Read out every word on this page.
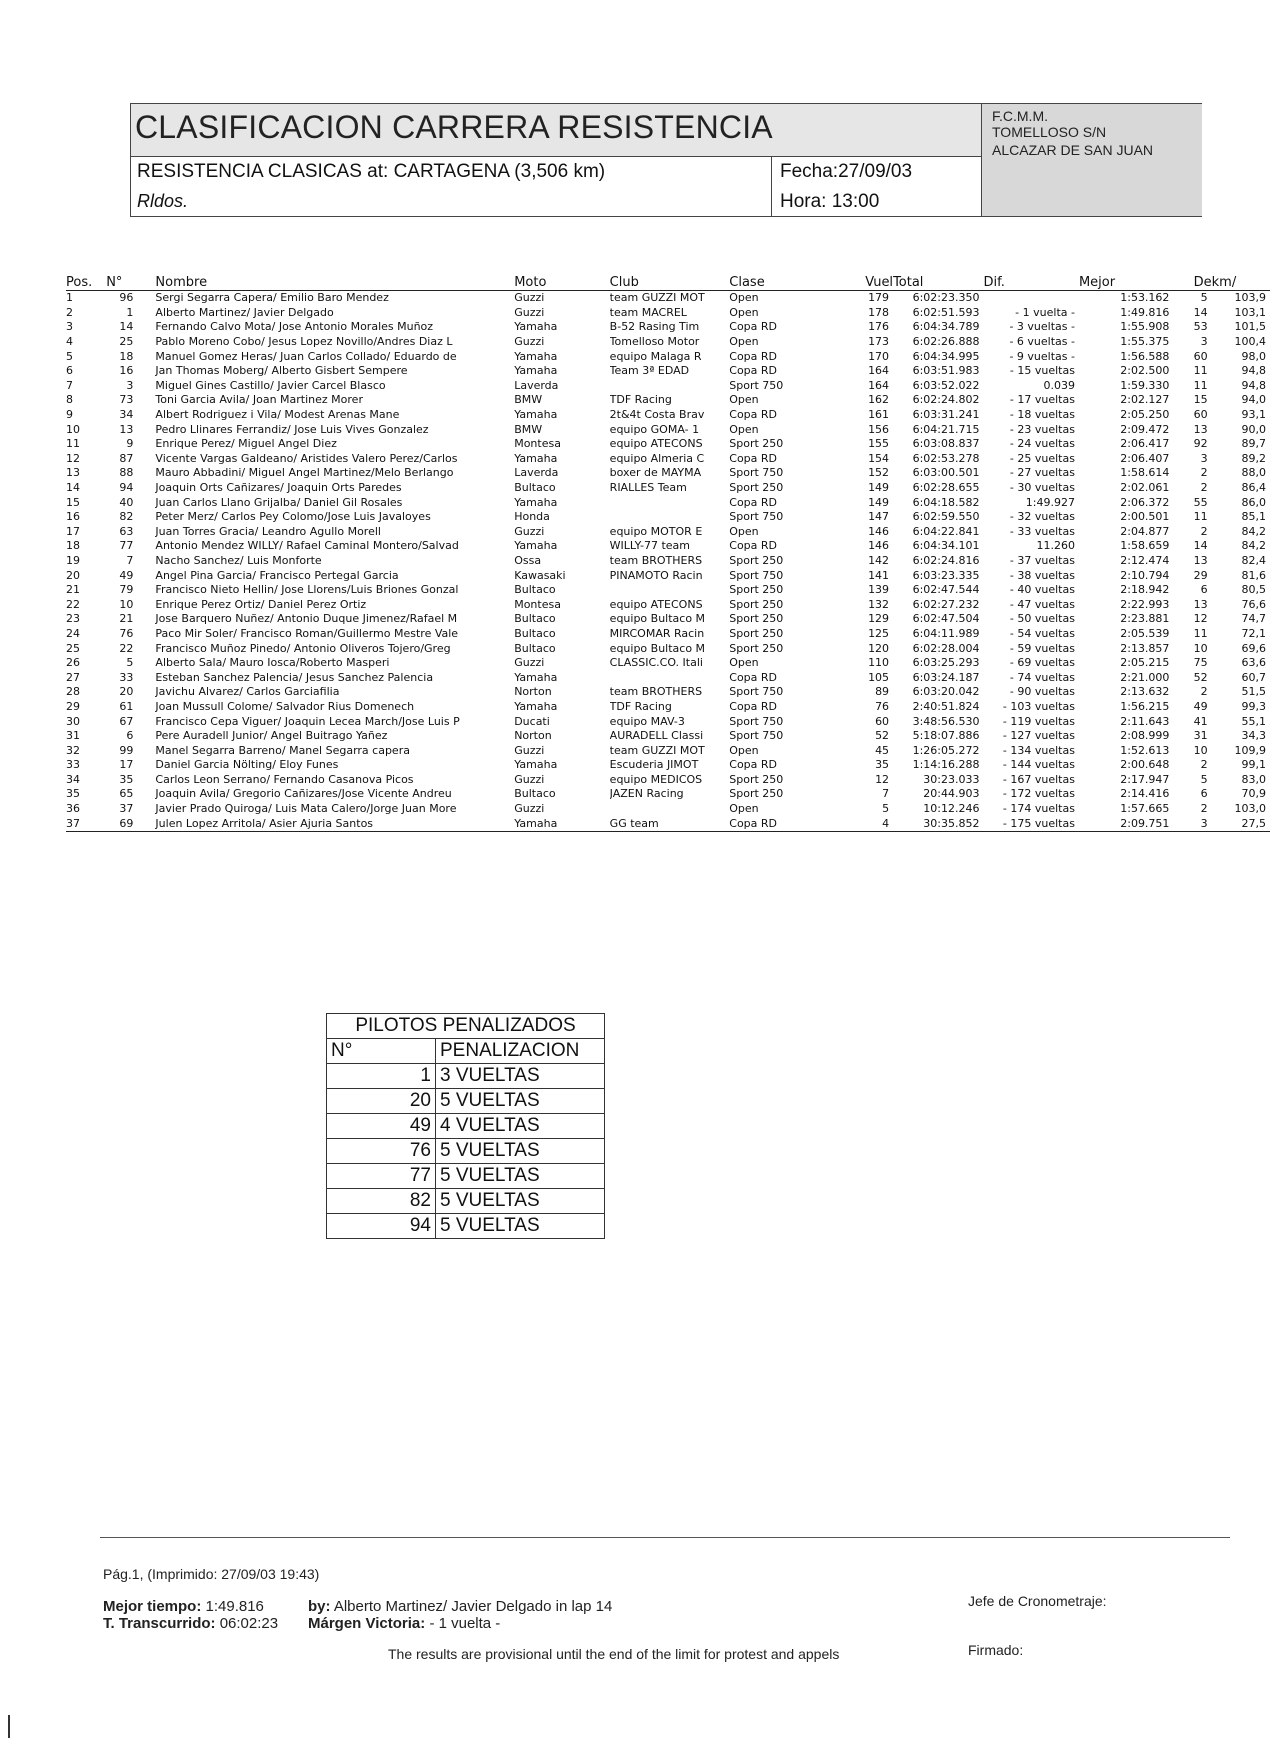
CLASIFICACION CARRERA RESISTENCIA
RESISTENCIA CLASICAS at: CARTAGENA (3,506 km)
Rldos.
Fecha:27/09/03
Hora: 13:00
F.C.M.M.
TOMELLOSO S/N
ALCAZAR DE SAN JUAN
Pos.	N°	Nombre	Moto	Club	Clase	Vuel	Total	Dif.	Mejor	De	km/
1	96	Sergi Segarra Capera/ Emilio Baro Mendez	Guzzi	team GUZZI MOT	Open	179	6:02:23.350		1:53.162	5	103,9
2	1	Alberto Martinez/ Javier Delgado	Guzzi	team MACREL	Open	178	6:02:51.593	- 1 vuelta -	1:49.816	14	103,1
3	14	Fernando Calvo Mota/ Jose Antonio Morales Muñoz	Yamaha	B-52 Rasing Tim	Copa RD	176	6:04:34.789	- 3 vueltas -	1:55.908	53	101,5
4	25	Pablo Moreno Cobo/ Jesus Lopez Novillo/Andres Diaz L	Guzzi	Tomelloso Motor	Open	173	6:02:26.888	- 6 vueltas -	1:55.375	3	100,4
5	18	Manuel Gomez Heras/ Juan Carlos Collado/ Eduardo de	Yamaha	equipo Malaga R	Copa RD	170	6:04:34.995	- 9 vueltas -	1:56.588	60	98,0
6	16	Jan Thomas Moberg/ Alberto Gisbert Sempere	Yamaha	Team 3ª EDAD	Copa RD	164	6:03:51.983	- 15 vueltas	2:02.500	11	94,8
7	3	Miguel Gines Castillo/ Javier Carcel Blasco	Laverda		Sport 750	164	6:03:52.022	0.039	1:59.330	11	94,8
8	73	Toni Garcia Avila/ Joan Martinez Morer	BMW	TDF Racing	Open	162	6:02:24.802	- 17 vueltas	2:02.127	15	94,0
9	34	Albert Rodriguez i Vila/ Modest Arenas Mane	Yamaha	2t&4t Costa Brav	Copa RD	161	6:03:31.241	- 18 vueltas	2:05.250	60	93,1
10	13	Pedro Llinares Ferrandiz/ Jose Luis Vives Gonzalez	BMW	equipo GOMA- 1	Open	156	6:04:21.715	- 23 vueltas	2:09.472	13	90,0
11	9	Enrique Perez/ Miguel Angel Diez	Montesa	equipo ATECONS	Sport 250	155	6:03:08.837	- 24 vueltas	2:06.417	92	89,7
12	87	Vicente Vargas Galdeano/ Aristides Valero Perez/Carlos	Yamaha	equipo Almeria C	Copa RD	154	6:02:53.278	- 25 vueltas	2:06.407	3	89,2
13	88	Mauro Abbadini/ Miguel Angel Martinez/Melo Berlango	Laverda	boxer de MAYMA	Sport 750	152	6:03:00.501	- 27 vueltas	1:58.614	2	88,0
14	94	Joaquin Orts Cañizares/ Joaquin Orts Paredes	Bultaco	RIALLES Team	Sport 250	149	6:02:28.655	- 30 vueltas	2:02.061	2	86,4
15	40	Juan Carlos Llano Grijalba/ Daniel Gil Rosales	Yamaha		Copa RD	149	6:04:18.582	1:49.927	2:06.372	55	86,0
16	82	Peter Merz/ Carlos Pey Colomo/Jose Luis Javaloyes	Honda		Sport 750	147	6:02:59.550	- 32 vueltas	2:00.501	11	85,1
17	63	Juan Torres Gracia/ Leandro Agullo Morell	Guzzi	equipo MOTOR E	Open	146	6:04:22.841	- 33 vueltas	2:04.877	2	84,2
18	77	Antonio Mendez WILLY/ Rafael Caminal Montero/Salvad	Yamaha	WILLY-77 team	Copa RD	146	6:04:34.101	11.260	1:58.659	14	84,2
19	7	Nacho Sanchez/ Luis Monforte	Ossa	team BROTHERS	Sport 250	142	6:02:24.816	- 37 vueltas	2:12.474	13	82,4
20	49	Angel Pina Garcia/ Francisco Pertegal Garcia	Kawasaki	PINAMOTO Racin	Sport 750	141	6:03:23.335	- 38 vueltas	2:10.794	29	81,6
21	79	Francisco Nieto Hellin/ Jose Llorens/Luis Briones Gonzal	Bultaco		Sport 250	139	6:02:47.544	- 40 vueltas	2:18.942	6	80,5
22	10	Enrique Perez Ortiz/ Daniel Perez Ortiz	Montesa	equipo ATECONS	Sport 250	132	6:02:27.232	- 47 vueltas	2:22.993	13	76,6
23	21	Jose Barquero Nuñez/ Antonio Duque Jimenez/Rafael M	Bultaco	equipo Bultaco M	Sport 250	129	6:02:47.504	- 50 vueltas	2:23.881	12	74,7
24	76	Paco Mir Soler/ Francisco Roman/Guillermo Mestre Vale	Bultaco	MIRCOMAR Racin	Sport 250	125	6:04:11.989	- 54 vueltas	2:05.539	11	72,1
25	22	Francisco Muñoz Pinedo/ Antonio Oliveros Tojero/Greg	Bultaco	equipo Bultaco M	Sport 250	120	6:02:28.004	- 59 vueltas	2:13.857	10	69,6
26	5	Alberto Sala/ Mauro Iosca/Roberto Masperi	Guzzi	CLASSIC.CO. Itali	Open	110	6:03:25.293	- 69 vueltas	2:05.215	75	63,6
27	33	Esteban Sanchez Palencia/ Jesus Sanchez Palencia	Yamaha		Copa RD	105	6:03:24.187	- 74 vueltas	2:21.000	52	60,7
28	20	Javichu Alvarez/ Carlos Garciafilia	Norton	team BROTHERS	Sport 750	89	6:03:20.042	- 90 vueltas	2:13.632	2	51,5
29	61	Joan Mussull Colome/ Salvador Rius Domenech	Yamaha	TDF Racing	Copa RD	76	2:40:51.824	- 103 vueltas	1:56.215	49	99,3
30	67	Francisco Cepa Viguer/ Joaquin Lecea March/Jose Luis P	Ducati	equipo MAV-3	Sport 750	60	3:48:56.530	- 119 vueltas	2:11.643	41	55,1
31	6	Pere Auradell Junior/ Angel Buitrago Yañez	Norton	AURADELL Classi	Sport 750	52	5:18:07.886	- 127 vueltas	2:08.999	31	34,3
32	99	Manel Segarra Barreno/ Manel Segarra capera	Guzzi	team GUZZI MOT	Open	45	1:26:05.272	- 134 vueltas	1:52.613	10	109,9
33	17	Daniel Garcia Nölting/ Eloy Funes	Yamaha	Escuderia JIMOT	Copa RD	35	1:14:16.288	- 144 vueltas	2:00.648	2	99,1
34	35	Carlos Leon Serrano/ Fernando Casanova Picos	Guzzi	equipo MEDICOS	Sport 250	12	30:23.033	- 167 vueltas	2:17.947	5	83,0
35	65	Joaquin Avila/ Gregorio Cañizares/Jose Vicente Andreu	Bultaco	JAZEN Racing	Sport 250	7	20:44.903	- 172 vueltas	2:14.416	6	70,9
36	37	Javier Prado Quiroga/ Luis Mata Calero/Jorge Juan More	Guzzi		Open	5	10:12.246	- 174 vueltas	1:57.665	2	103,0
37	69	Julen Lopez Arritola/ Asier Ajuria Santos	Yamaha	GG team	Copa RD	4	30:35.852	- 175 vueltas	2:09.751	3	27,5
PILOTOS PENALIZADOS	
N°	PENALIZACION
1	3 VUELTAS
20	5 VUELTAS
49	4 VUELTAS
76	5 VUELTAS
77	5 VUELTAS
82	5 VUELTAS
94	5 VUELTAS
Pág.1, (Imprimido: 27/09/03 19:43)
Mejor tiempo: 1:49.816	by: Alberto Martinez/ Javier Delgado in lap 14
T. Transcurrido: 06:02:23 Márgen Victoria: - 1 vuelta -
Jefe de Cronometraje:
Firmado:
The results are provisional until the end of the limit for protest and appels
